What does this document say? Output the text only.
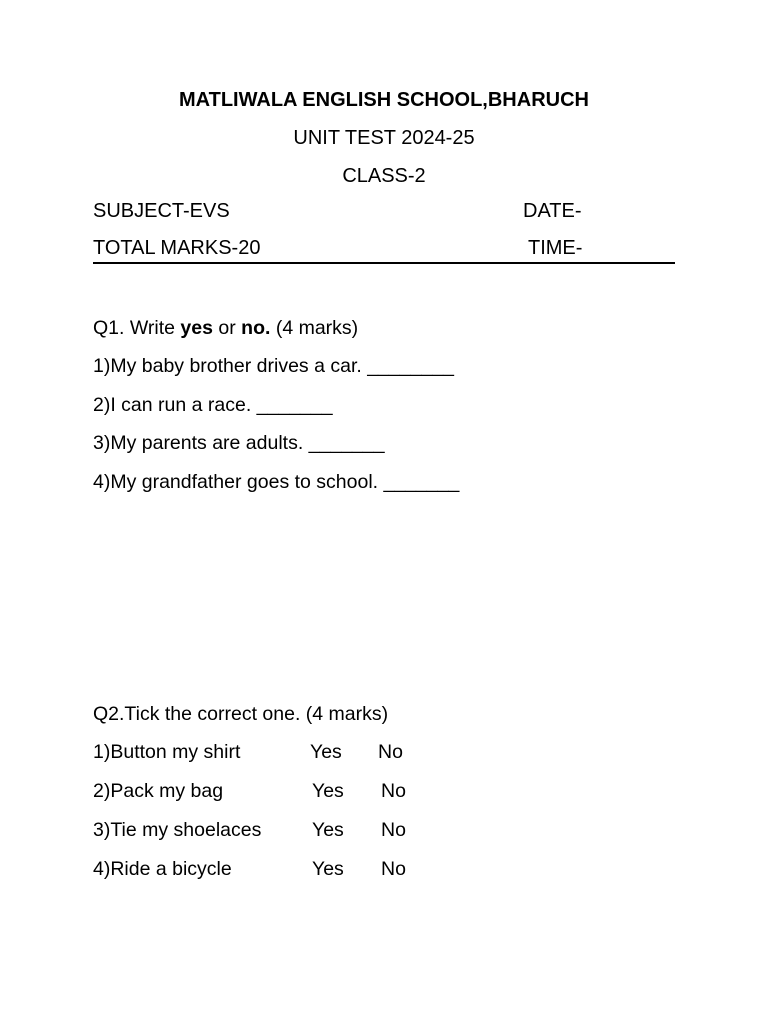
MATLIWALA ENGLISH SCHOOL,BHARUCH
UNIT TEST 2024-25
CLASS-2
SUBJECT-EVS	DATE-
TOTAL MARKS-20	TIME-
Q1. Write yes or no. (4 marks)
1)My baby brother drives a car. ________
2)I can run a race. _______
3)My parents are adults. _______
4)My grandfather goes to school. _______
Q2.Tick the correct one. (4 marks)
1)Button my shirt	Yes No
2)Pack my bag	Yes No
3)Tie my shoelaces	Yes No
4)Ride a bicycle	Yes No
